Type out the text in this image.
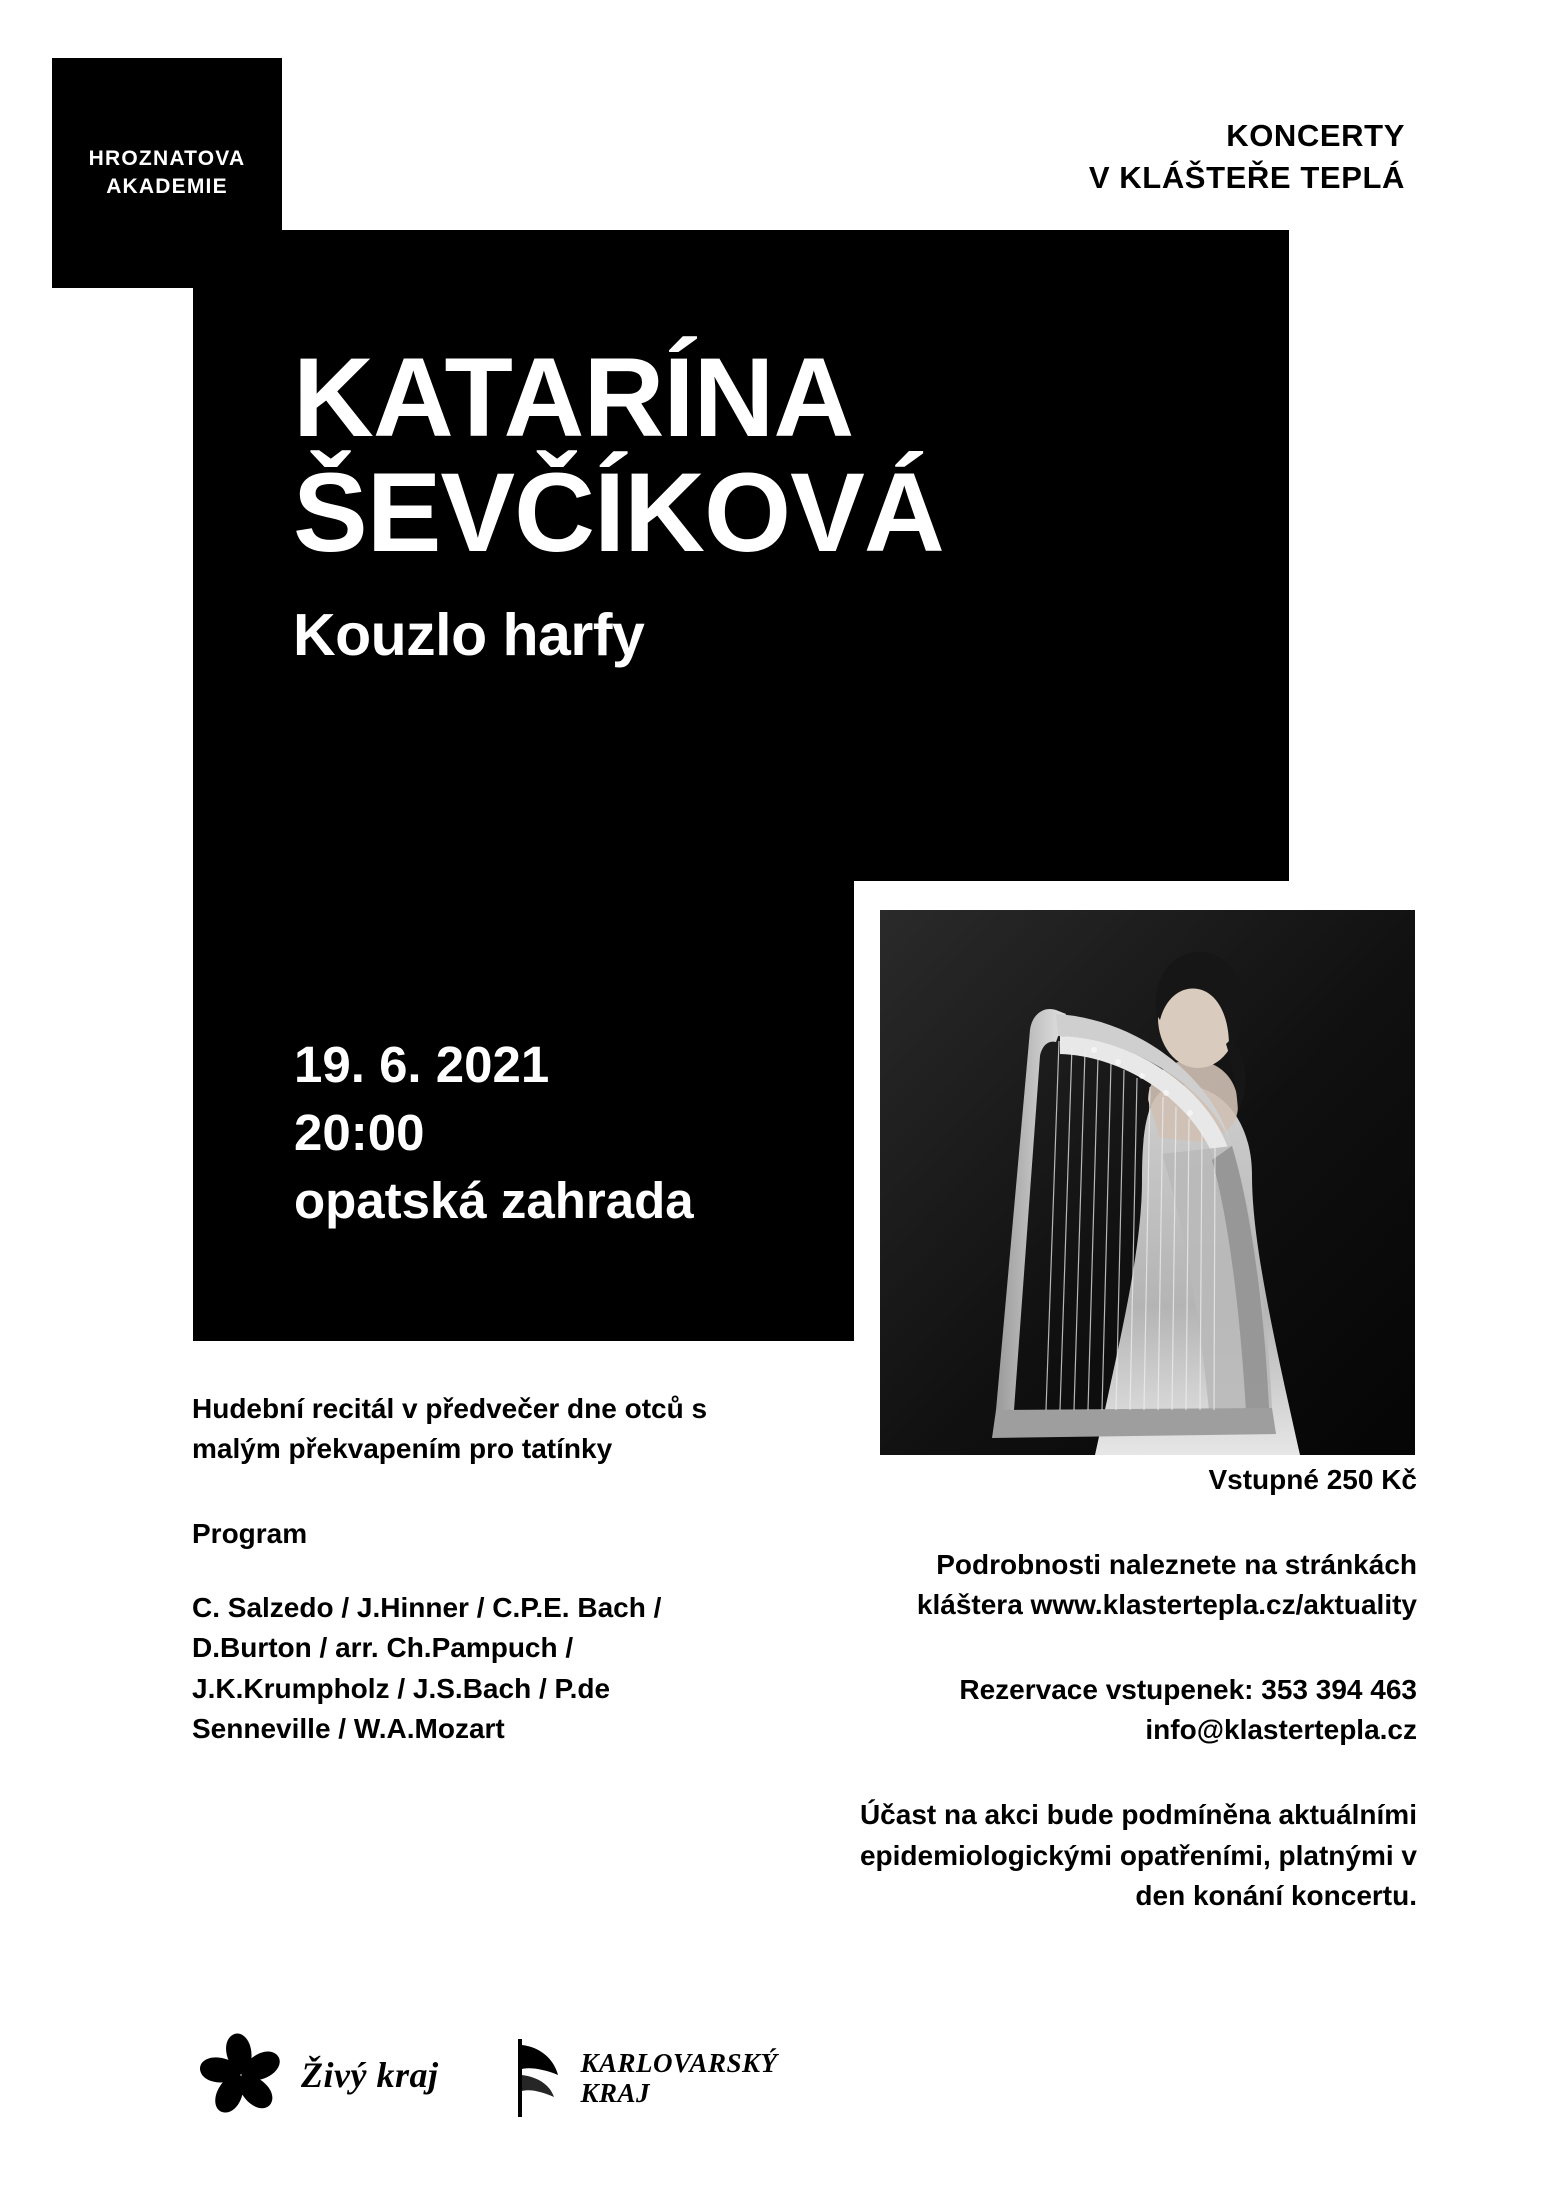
HROZNATOVA
AKADEMIE
KONCERTY
V KLÁŠTEŘE TEPLÁ
KATARÍNA
ŠEVČÍKOVÁ
Kouzlo harfy
19. 6. 2021
20:00
opatská zahrada

Hudební recitál v předvečer dne otců s malým překvapením pro tatínky

Program

C. Salzedo / J.Hinner / C.P.E. Bach / D.Burton / arr. Ch.Pampuch / J.K.Krumpholz / J.S.Bach / P.de Senneville / W.A.Mozart

Vstupné 250 Kč

Podrobnosti naleznete na stránkách kláštera www.klastertepla.cz/aktuality

Rezervace vstupenek: 353 394 463 info@klastertepla.cz

Účast na akci bude podmíněna aktuálními epidemiologickými opatřeními, platnými v den konání koncertu.

Živý kraj	KARLOVARSKÝ
KRAJ
